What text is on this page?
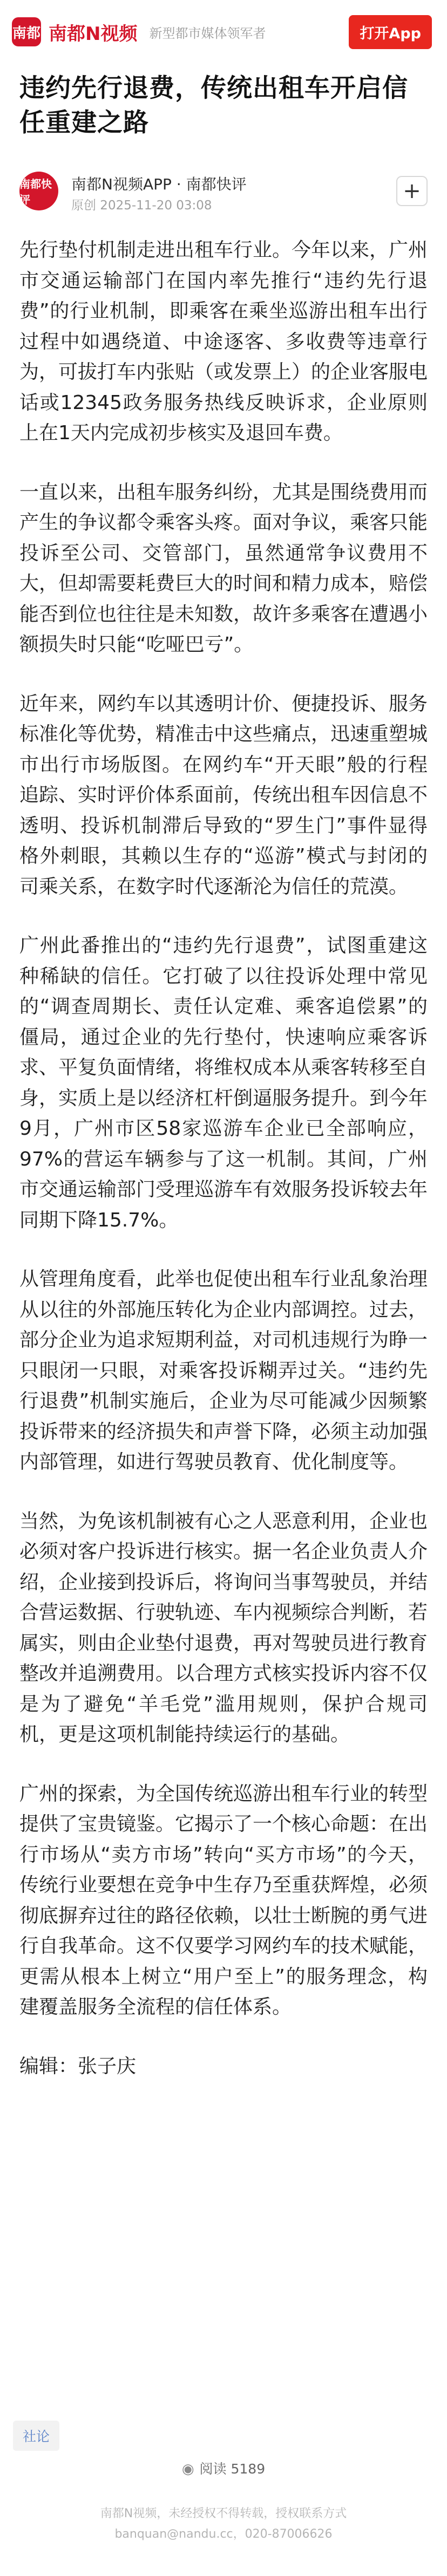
南都 南都N视频 新型都市媒体领军者	打开App
违约先行退费，传统出租车开启信任重建之路
南都快评
南都N视频APP · 南都快评
原创 2025-11-20 03:08
+

先行垫付机制走进出租车行业。今年以来，广州市交通运输部门在国内率先推行“违约先行退费”的行业机制，即乘客在乘坐巡游出租车出行过程中如遇绕道、中途逐客、多收费等违章行为，可拔打车内张贴（或发票上）的企业客服电话或12345政务服务热线反映诉求，企业原则上在1天内完成初步核实及退回车费。

一直以来，出租车服务纠纷，尤其是围绕费用而产生的争议都令乘客头疼。面对争议，乘客只能投诉至公司、交管部门，虽然通常争议费用不大，但却需要耗费巨大的时间和精力成本，赔偿能否到位也往往是未知数，故许多乘客在遭遇小额损失时只能“吃哑巴亏”。

近年来，网约车以其透明计价、便捷投诉、服务标准化等优势，精准击中这些痛点，迅速重塑城市出行市场版图。在网约车“开天眼”般的行程追踪、实时评价体系面前，传统出租车因信息不透明、投诉机制滞后导致的“罗生门”事件显得格外刺眼，其赖以生存的“巡游”模式与封闭的司乘关系，在数字时代逐渐沦为信任的荒漠。

广州此番推出的“违约先行退费”，试图重建这种稀缺的信任。它打破了以往投诉处理中常见的“调查周期长、责任认定难、乘客追偿累”的僵局，通过企业的先行垫付，快速响应乘客诉求、平复负面情绪，将维权成本从乘客转移至自身，实质上是以经济杠杆倒逼服务提升。到今年9月，广州市区58家巡游车企业已全部响应，97%的营运车辆参与了这一机制。其间，广州市交通运输部门受理巡游车有效服务投诉较去年同期下降15.7%。

从管理角度看，此举也促使出租车行业乱象治理从以往的外部施压转化为企业内部调控。过去，部分企业为追求短期利益，对司机违规行为睁一只眼闭一只眼，对乘客投诉糊弄过关。“违约先行退费”机制实施后，企业为尽可能减少因频繁投诉带来的经济损失和声誉下降，必须主动加强内部管理，如进行驾驶员教育、优化制度等。

当然，为免该机制被有心之人恶意利用，企业也必须对客户投诉进行核实。据一名企业负责人介绍，企业接到投诉后，将询问当事驾驶员，并结合营运数据、行驶轨迹、车内视频综合判断，若属实，则由企业垫付退费，再对驾驶员进行教育整改并追溯费用。以合理方式核实投诉内容不仅是为了避免“羊毛党”滥用规则，保护合规司机，更是这项机制能持续运行的基础。

广州的探索，为全国传统巡游出租车行业的转型提供了宝贵镜鉴。它揭示了一个核心命题：在出行市场从“卖方市场”转向“买方市场”的今天，传统行业要想在竞争中生存乃至重获辉煌，必须彻底摒弃过往的路径依赖，以壮士断腕的勇气进行自我革命。这不仅要学习网约车的技术赋能，更需从根本上树立“用户至上”的服务理念，构建覆盖服务全流程的信任体系。

编辑：张子庆

社论
◉ 阅读 5189
南都N视频，未经授权不得转载，授权联系方式
banquan@nandu.cc，020-87006626
